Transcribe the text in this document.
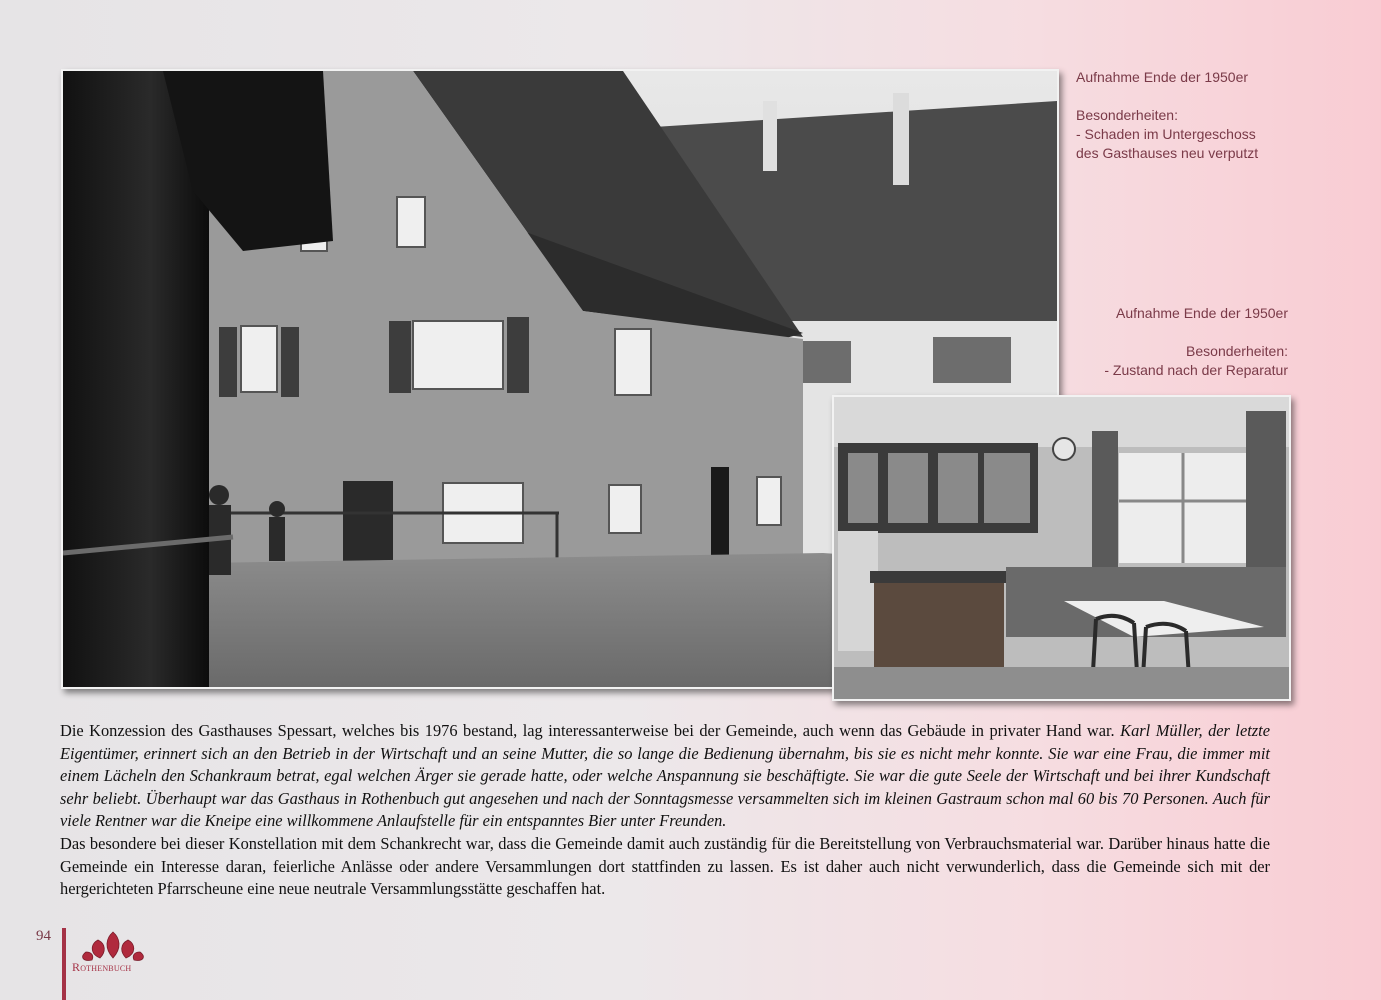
Aufnahme Ende der 1950er

Besonderheiten:
- Schaden im Untergeschoss
des Gasthauses neu verputzt
Aufnahme Ende der 1950er

Besonderheiten:
- Zustand nach der Reparatur

Die Konzession des Gasthauses Spessart, welches bis 1976 bestand, lag interessanterweise bei der Gemeinde, auch wenn das Gebäude in privater Hand war. Karl Müller, der letzte Eigentümer, erinnert sich an den Betrieb in der Wirtschaft und an seine Mutter, die so lange die Bedienung übernahm, bis sie es nicht mehr konnte. Sie war eine Frau, die immer mit einem Lächeln den Schankraum betrat, egal welchen Ärger sie gerade hatte, oder welche Anspannung sie beschäftigte. Sie war die gute Seele der Wirtschaft und bei ihrer Kundschaft sehr beliebt. Überhaupt war das Gasthaus in Rothenbuch gut angesehen und nach der Sonntagsmesse versammelten sich im kleinen Gastraum schon mal 60 bis 70 Personen. Auch für viele Rentner war die Kneipe eine willkommene Anlaufstelle für ein entspanntes Bier unter Freunden.

Das besondere bei dieser Konstellation mit dem Schankrecht war, dass die Gemeinde damit auch zuständig für die Bereitstellung von Verbrauchsmaterial war. Darüber hinaus hatte die Gemeinde ein Interesse daran, feierliche Anlässe oder andere Versammlungen dort stattfinden zu lassen. Es ist daher auch nicht verwunderlich, dass die Gemeinde sich mit der hergerichteten Pfarrscheune eine neue neutrale Versammlungsstätte geschaffen hat.

94
Rothenbuch
